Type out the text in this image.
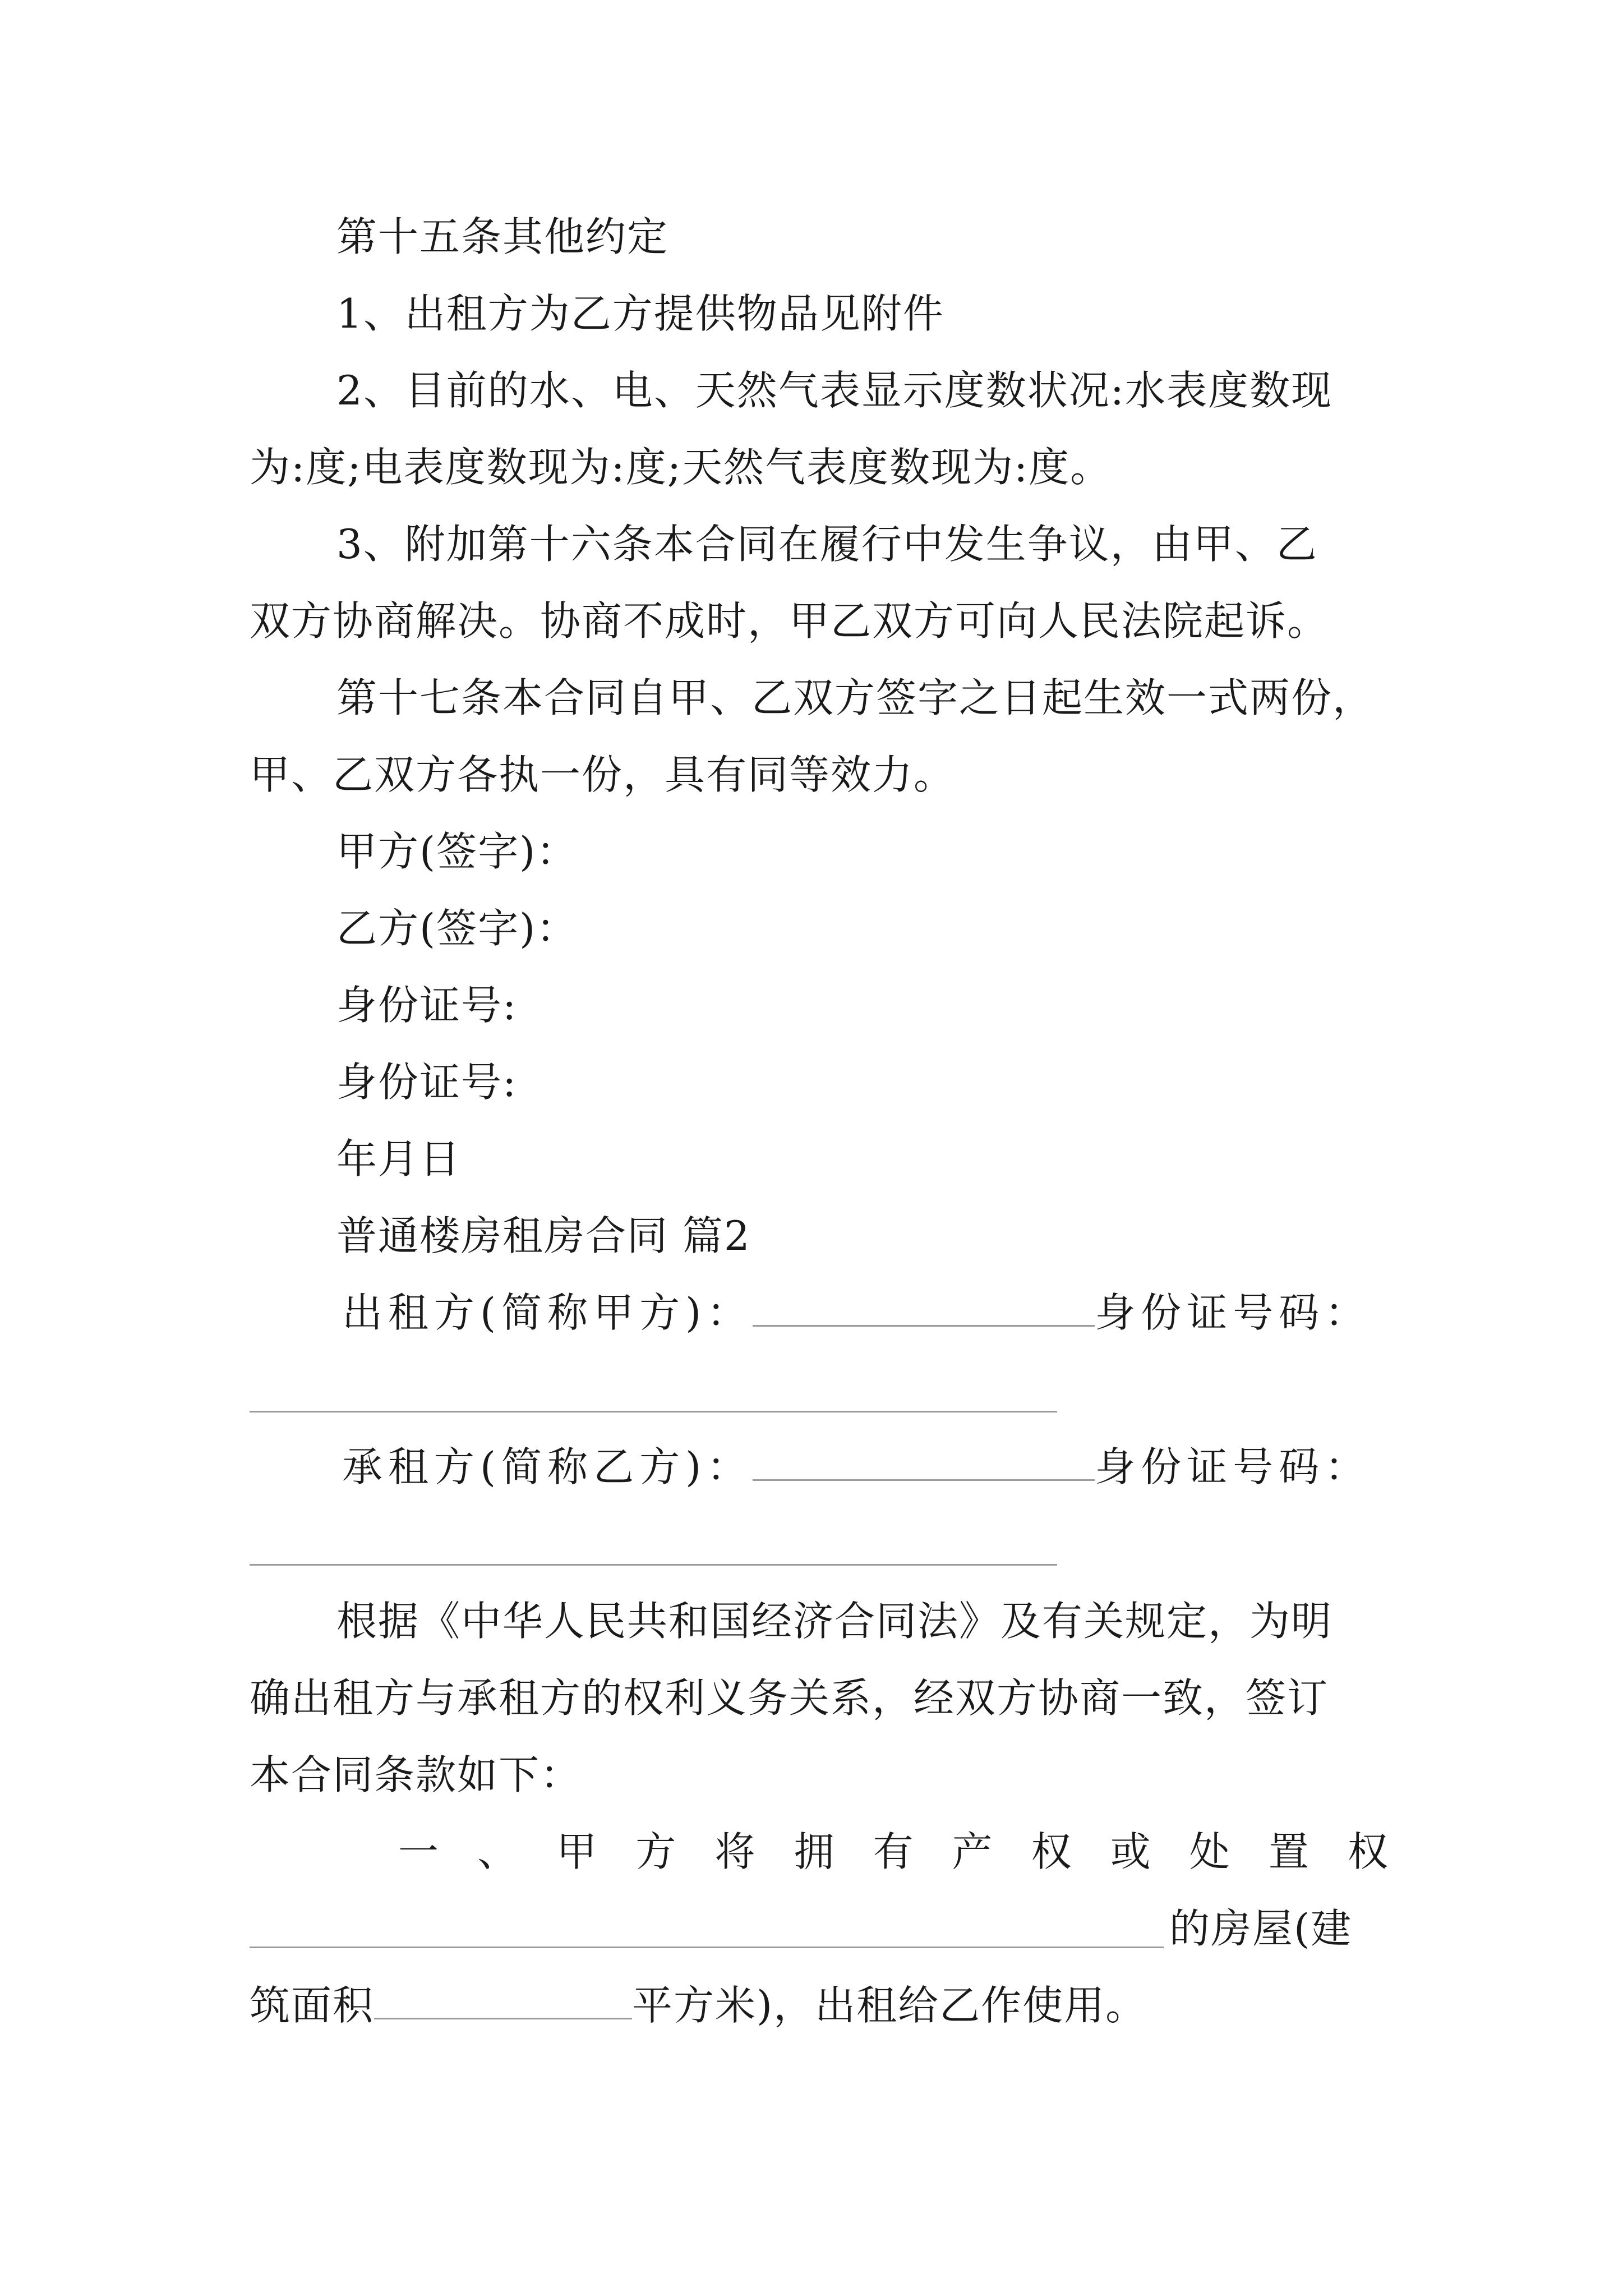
第十五条其他约定
1、出租方为乙方提供物品见附件
2、目前的水、电、天然气表显示度数状况:水表度数现
为:度;电表度数现为:度;天然气表度数现为:度。
3、附加第十六条本合同在履行中发生争议，由甲、乙
双方协商解决。协商不成时，甲乙双方可向人民法院起诉。
第十七条本合同自甲、乙双方签字之日起生效一式两份，
甲、乙双方各执一份，具有同等效力。
甲方(签字)：
乙方(签字)：
身份证号:
身份证号:
年月日
普通楼房租房合同 篇2
出租方(简称甲方)：	身份证号码：
承租方(简称乙方)：	身份证号码：
根据《中华人民共和国经济合同法》及有关规定，为明
确出租方与承租方的权利义务关系，经双方协商一致，签订
本合同条款如下：
一 、 甲 方 将 拥 有 产 权 或 处 置 权
的房屋(建
筑面积	平方米)，出租给乙作使用。
